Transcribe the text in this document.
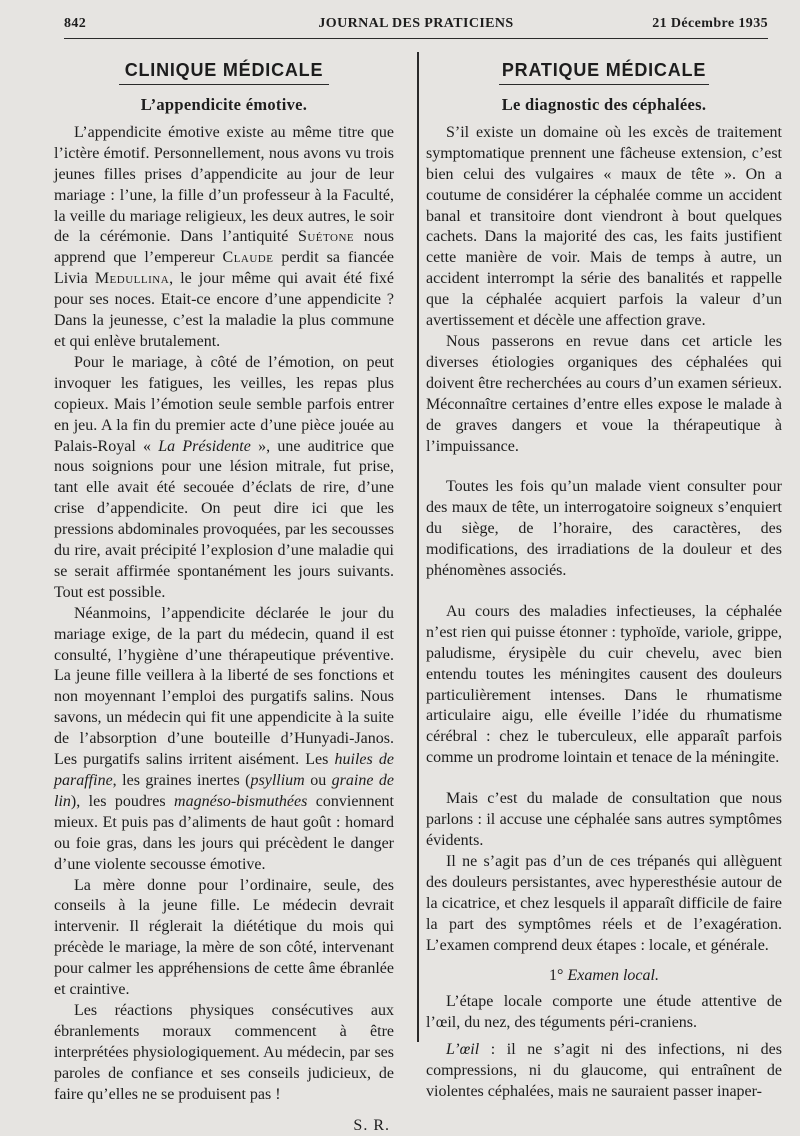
842	JOURNAL DES PRATICIENS	21 Décembre 1935
CLINIQUE MÉDICALE
L’appendicite émotive.

L’appendicite émotive existe au même titre que l’ictère émotif. Personnellement, nous avons vu trois jeunes filles prises d’appendicite au jour de leur mariage : l’une, la fille d’un professeur à la Faculté, la veille du mariage religieux, les deux autres, le soir de la cérémonie. Dans l’antiquité Suétone nous apprend que l’empereur Claude perdit sa fiancée Livia Medullina, le jour même qui avait été fixé pour ses noces. Etait-ce encore d’une appendicite ? Dans la jeunesse, c’est la maladie la plus commune et qui enlève brutalement.

Pour le mariage, à côté de l’émotion, on peut invoquer les fatigues, les veilles, les repas plus copieux. Mais l’émotion seule semble parfois entrer en jeu. A la fin du premier acte d’une pièce jouée au Palais-Royal « La Présidente », une auditrice que nous soignions pour une lésion mitrale, fut prise, tant elle avait été secouée d’éclats de rire, d’une crise d’appendicite. On peut dire ici que les pressions abdominales provoquées, par les secousses du rire, avait précipité l’explosion d’une maladie qui se serait affirmée spontanément les jours suivants. Tout est possible.

Néanmoins, l’appendicite déclarée le jour du mariage exige, de la part du médecin, quand il est consulté, l’hygiène d’une thérapeutique préventive. La jeune fille veillera à la liberté de ses fonctions et non moyennant l’emploi des purgatifs salins. Nous savons, un médecin qui fit une appendicite à la suite de l’absorption d’une bouteille d’Hunyadi-Janos. Les purgatifs salins irritent aisément. Les huiles de paraffine, les graines inertes (psyllium ou graine de lin), les poudres magnéso-bismuthées conviennent mieux. Et puis pas d’aliments de haut goût : homard ou foie gras, dans les jours qui précèdent le danger d’une violente secousse émotive.

La mère donne pour l’ordinaire, seule, des conseils à la jeune fille. Le médecin devrait intervenir. Il réglerait la diététique du mois qui précède le mariage, la mère de son côté, intervenant pour calmer les appréhensions de cette âme ébranlée et craintive.

Les réactions physiques consécutives aux ébranlements moraux commencent à être interprétées physiologiquement. Au médecin, par ses paroles de confiance et ses conseils judicieux, de faire qu’elles ne se produisent pas !

S. R.
PRATIQUE MÉDICALE
Le diagnostic des céphalées.

S’il existe un domaine où les excès de traitement symptomatique prennent une fâcheuse extension, c’est bien celui des vulgaires « maux de tête ». On a coutume de considérer la céphalée comme un accident banal et transitoire dont viendront à bout quelques cachets. Dans la majorité des cas, les faits justifient cette manière de voir. Mais de temps à autre, un accident interrompt la série des banalités et rappelle que la céphalée acquiert parfois la valeur d’un avertissement et décèle une affection grave.

Nous passerons en revue dans cet article les diverses étiologies organiques des céphalées qui doivent être recherchées au cours d’un examen sérieux. Méconnaître certaines d’entre elles expose le malade à de graves dangers et voue la thérapeutique à l’impuissance.

Toutes les fois qu’un malade vient consulter pour des maux de tête, un interrogatoire soigneux s’enquiert du siège, de l’horaire, des caractères, des modifications, des irradiations de la douleur et des phénomènes associés.

Au cours des maladies infectieuses, la céphalée n’est rien qui puisse étonner : typhoïde, variole, grippe, paludisme, érysipèle du cuir chevelu, avec bien entendu toutes les méningites causent des douleurs particulièrement intenses. Dans le rhumatisme articulaire aigu, elle éveille l’idée du rhumatisme cérébral : chez le tuberculeux, elle apparaît parfois comme un prodrome lointain et tenace de la méningite.

Mais c’est du malade de consultation que nous parlons : il accuse une céphalée sans autres symptômes évidents.

Il ne s’agit pas d’un de ces trépanés qui allèguent des douleurs persistantes, avec hyperesthésie autour de la cicatrice, et chez lesquels il apparaît difficile de faire la part des symptômes réels et de l’exagération. L’examen comprend deux étapes : locale, et générale.

1° Examen local.

L’étape locale comporte une étude attentive de l’œil, du nez, des téguments péri-craniens.

L’œil : il ne s’agit ni des infections, ni des compressions, ni du glaucome, qui entraînent de violentes céphalées, mais ne sauraient passer inaper-
